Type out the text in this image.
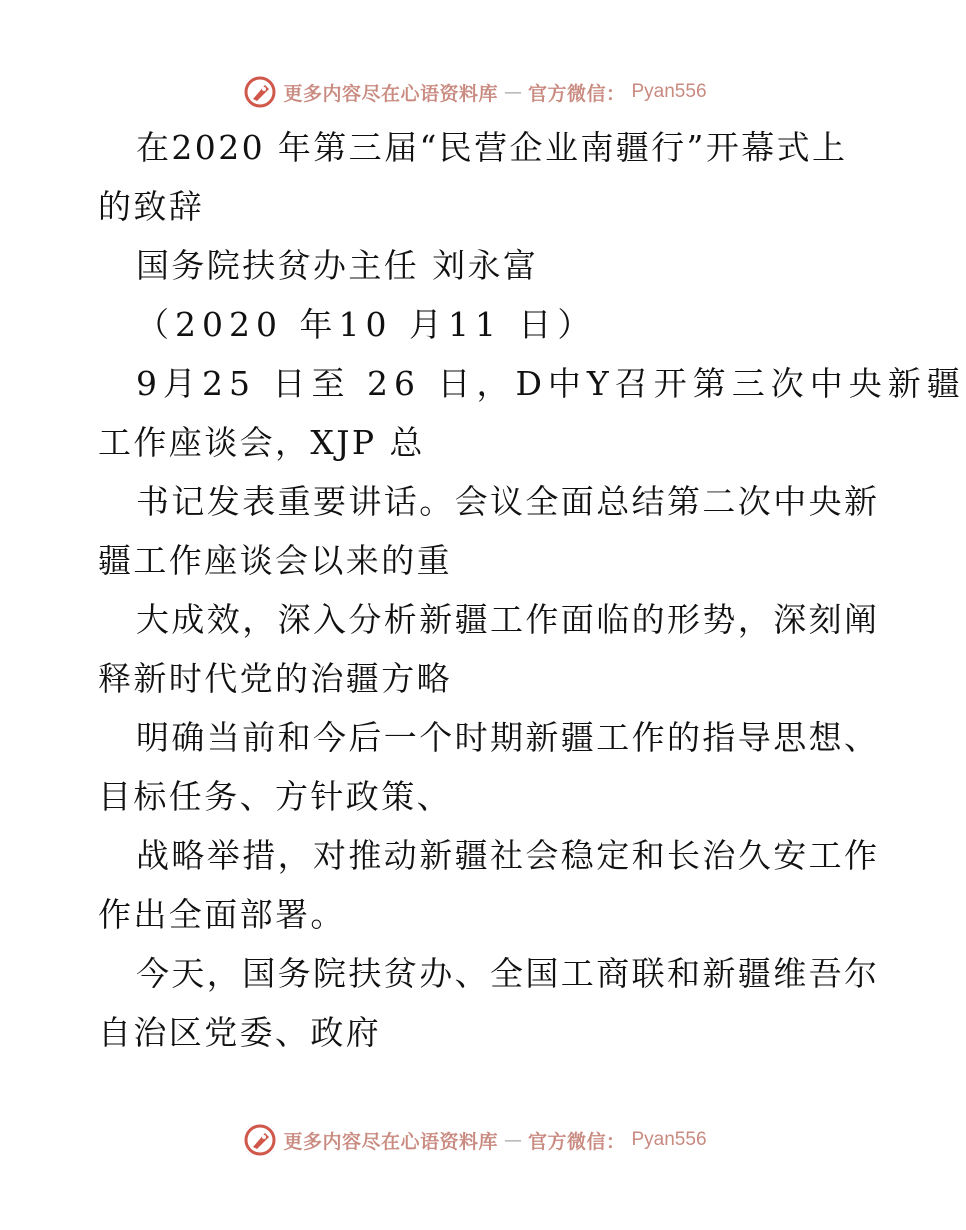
更多内容尽在心语资料库 — 官方微信： Pyan556
在2020 年第三届“民营企业南疆行”开幕式上
的致辞
国务院扶贫办主任 刘永富
（2020 年10 月11 日）
9月25 日至 26 日，D中Y召开第三次中央新疆
工作座谈会，XJP 总
书记发表重要讲话。会议全面总结第二次中央新
疆工作座谈会以来的重
大成效，深入分析新疆工作面临的形势，深刻阐
释新时代党的治疆方略
明确当前和今后一个时期新疆工作的指导思想、
目标任务、方针政策、
战略举措，对推动新疆社会稳定和长治久安工作
作出全面部署。
今天，国务院扶贫办、全国工商联和新疆维吾尔
自治区党委、政府
更多内容尽在心语资料库 — 官方微信： Pyan556
